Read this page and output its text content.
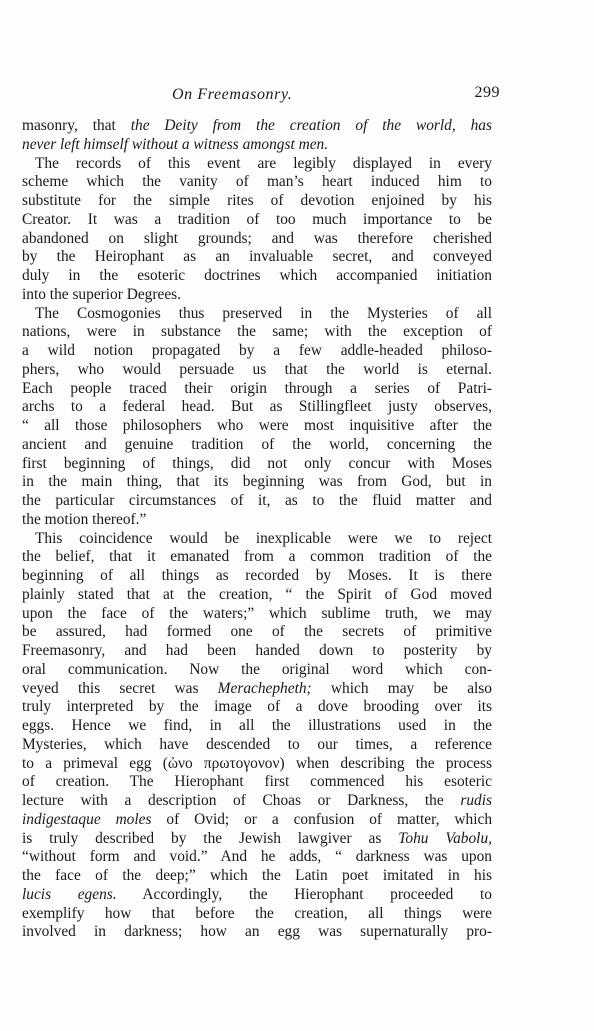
On Freemasonry.	299
masonry, that the Deity from the creation of the world, has
never left himself without a witness amongst men.
The records of this event are legibly displayed in every
scheme which the vanity of man’s heart induced him to
substitute for the simple rites of devotion enjoined by his
Creator. It was a tradition of too much importance to be
abandoned on slight grounds; and was therefore cherished
by the Heirophant as an invaluable secret, and conveyed
duly in the esoteric doctrines which accompanied initiation
into the superior Degrees.
The Cosmogonies thus preserved in the Mysteries of all
nations, were in substance the same; with the exception of
a wild notion propagated by a few addle-headed philoso-
phers, who would persuade us that the world is eternal.
Each people traced their origin through a series of Patri-
archs to a federal head. But as Stillingfleet justy observes,
“ all those philosophers who were most inquisitive after the
ancient and genuine tradition of the world, concerning the
first beginning of things, did not only concur with Moses
in the main thing, that its beginning was from God, but in
the particular circumstances of it, as to the fluid matter and
the motion thereof.”
This coincidence would be inexplicable were we to reject
the belief, that it emanated from a common tradition of the
beginning of all things as recorded by Moses. It is there
plainly stated that at the creation, “ the Spirit of God moved
upon the face of the waters;” which sublime truth, we may
be assured, had formed one of the secrets of primitive
Freemasonry, and had been handed down to posterity by
oral communication. Now the original word which con-
veyed this secret was Merachepheth; which may be also
truly interpreted by the image of a dove brooding over its
eggs. Hence we find, in all the illustrations used in the
Mysteries, which have descended to our times, a reference
to a primeval egg (ὠνο πρωτογονον) when describing the process
of creation. The Hierophant first commenced his esoteric
lecture with a description of Choas or Darkness, the rudis
indigestaque moles of Ovid; or a confusion of matter, which
is truly described by the Jewish lawgiver as Tohu Vabolu,
“without form and void.” And he adds, “ darkness was upon
the face of the deep;” which the Latin poet imitated in his
lucis egens. Accordingly, the Hierophant proceeded to
exemplify how that before the creation, all things were
involved in darkness; how an egg was supernaturally pro-
